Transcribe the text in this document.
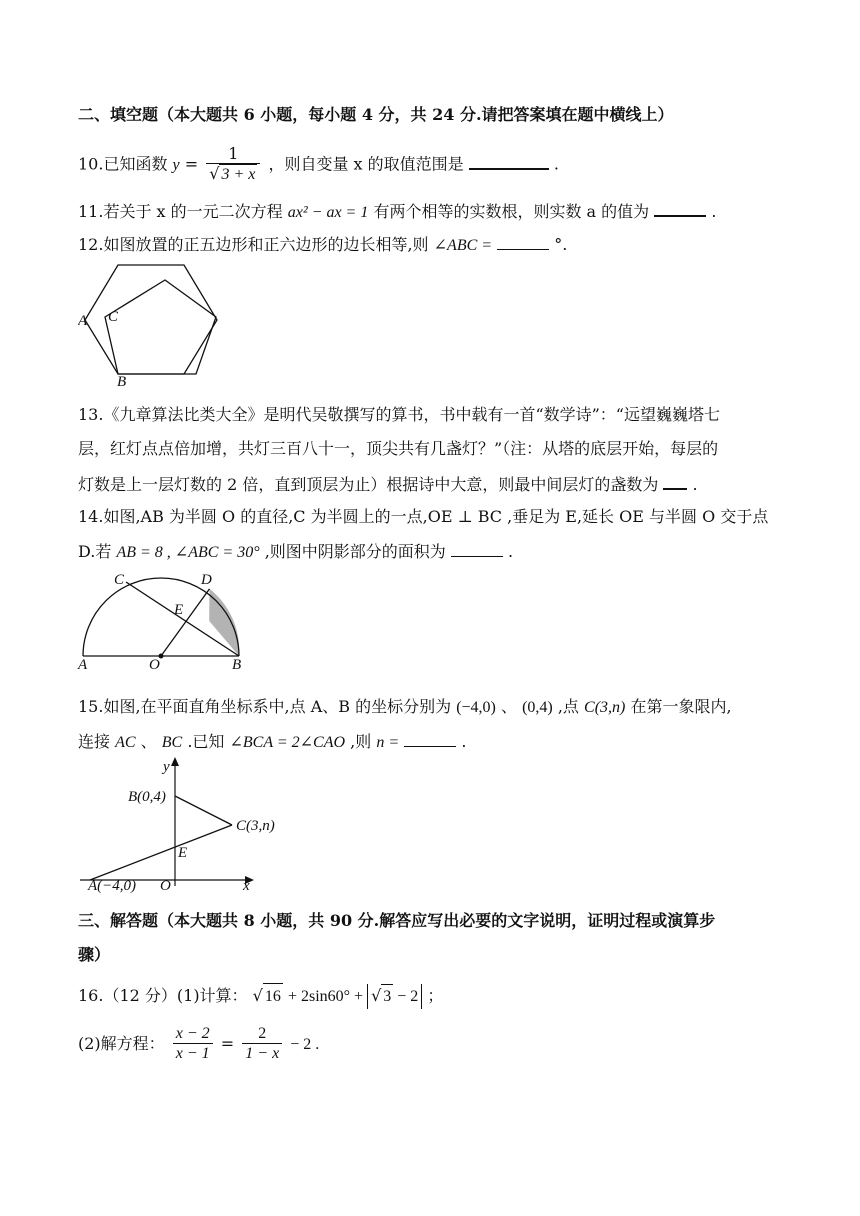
二、填空题（本大题共 6 小题，每小题 4 分，共 24 分.请把答案填在题中横线上）
10.已知函数 $y = \frac{1}{√ 3 + x}$ ，则自变量 x 的取值范围是	.
11.若关于 x 的一元二次方程 ax² − ax = 1 有两个相等的实数根，则实数 a 的值为	.
12.如图放置的正五边形和正六边形的边长相等,则 ∠ABC =	°.
A C
B
13.《九章算法比类大全》是明代吴敬撰写的算书，书中载有一首“数学诗”：“远望巍巍塔七
层，红灯点点倍加增，共灯三百八十一，顶尖共有几盏灯？”（注：从塔的底层开始，每层的
灯数是上一层灯数的 2 倍，直到顶层为止）根据诗中大意，则最中间层灯的盏数为 .
14.如图,AB 为半圆 O 的直径,C 为半圆上的一点,OE ⊥ BC ,垂足为 E,延长 OE 与半圆 O 交于点
D.若 AB = 8 , ∠ABC = 30° ,则图中阴影部分的面积为	.
C	D
E
A	O	B
15.如图,在平面直角坐标系中,点 A、B 的坐标分别为 (−4,0) 、 (0,4) ,点 C(3,n) 在第一象限内,
连接 AC 、 BC .已知 ∠BCA = 2∠CAO ,则 n =	.
y
x
B(0,4)
C(3,n)
E
A(−4,0) O
三、解答题（本大题共 8 小题，共 90 分.解答应写出必要的文字说明，证明过程或演算步
骤）
16.（12 分）(1)计算： √ 16 + 2sin60° + √ 3 − 2 ；
(2)解方程： $\frac{x - 2}{x - 1} = \frac{2}{1 - x} - 2$ .
